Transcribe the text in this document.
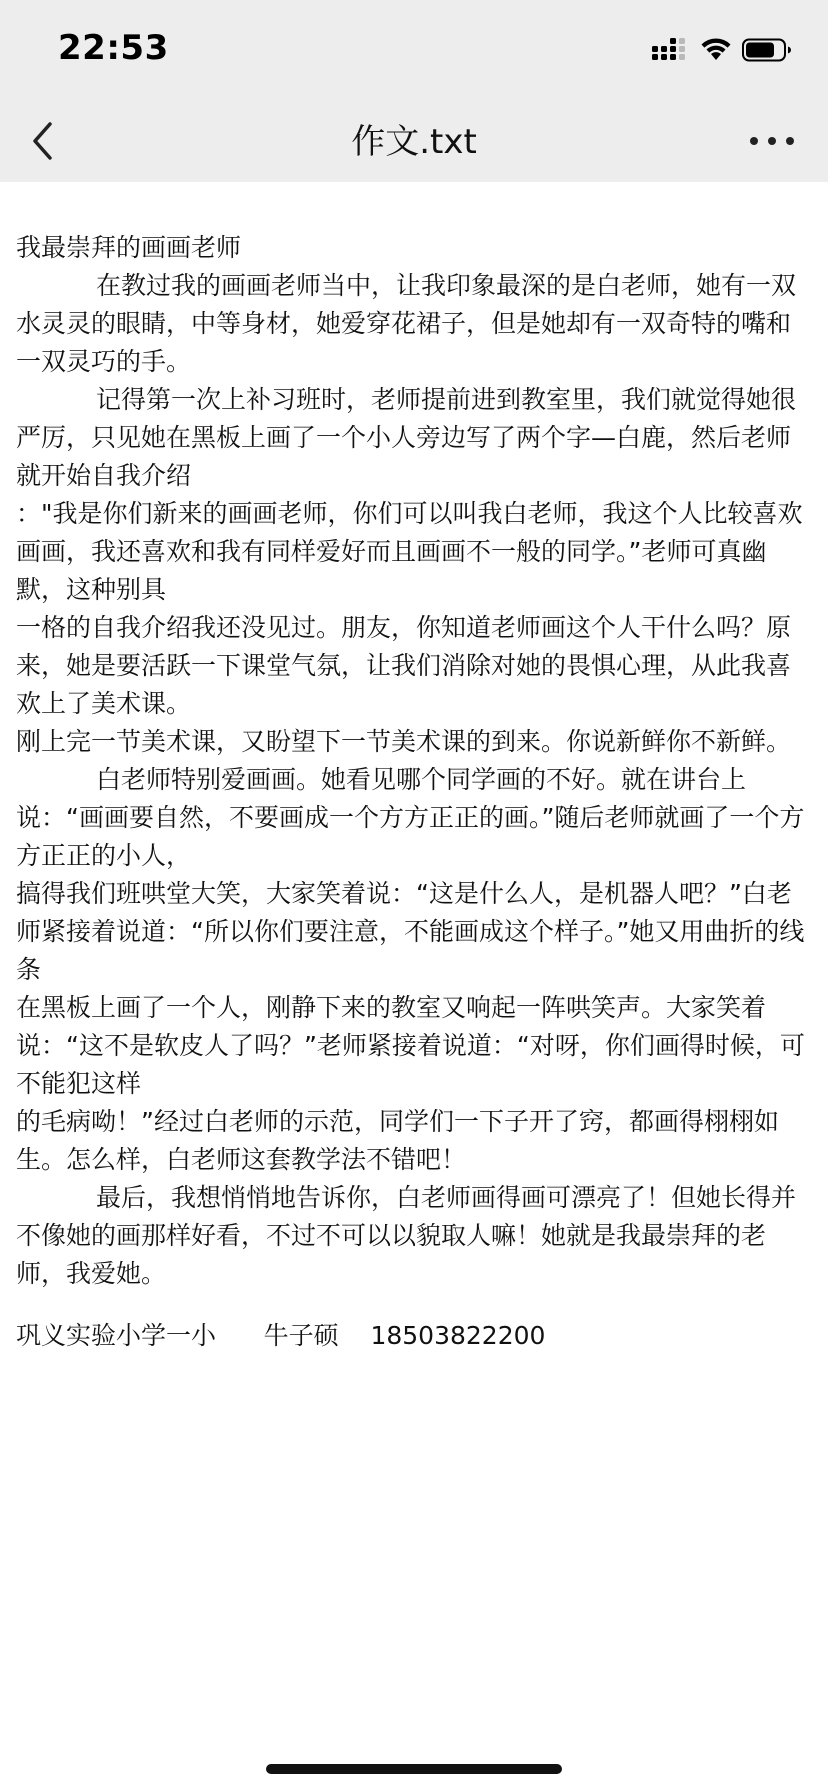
22:53
作文.txt

我最崇拜的画画老师

在教过我的画画老师当中，让我印象最深的是白老师，她有一双水灵灵的眼睛，中等身材，她爱穿花裙子，但是她却有一双奇特的嘴和一双灵巧的手。

记得第一次上补习班时，老师提前进到教室里，我们就觉得她很严厉，只见她在黑板上画了一个小人旁边写了两个字—白鹿，然后老师就开始自我介绍

："我是你们新来的画画老师，你们可以叫我白老师，我这个人比较喜欢画画，我还喜欢和我有同样爱好而且画画不一般的同学。”老师可真幽默，这种别具

一格的自我介绍我还没见过。朋友，你知道老师画这个人干什么吗？原来，她是要活跃一下课堂气氛，让我们消除对她的畏惧心理，从此我喜欢上了美术课。

刚上完一节美术课，又盼望下一节美术课的到来。你说新鲜你不新鲜。

白老师特别爱画画。她看见哪个同学画的不好。就在讲台上说：“画画要自然，不要画成一个方方正正的画。”随后老师就画了一个方方正正的小人，

搞得我们班哄堂大笑，大家笑着说：“这是什么人，是机器人吧？”白老师紧接着说道：“所以你们要注意，不能画成这个样子。”她又用曲折的线条

在黑板上画了一个人，刚静下来的教室又响起一阵哄笑声。大家笑着说：“这不是软皮人了吗？”老师紧接着说道：“对呀，你们画得时候，可不能犯这样

的毛病呦！”经过白老师的示范，同学们一下子开了窍，都画得栩栩如生。怎么样，白老师这套教学法不错吧！

最后，我想悄悄地告诉你，白老师画得画可漂亮了！但她长得并不像她的画那样好看，不过不可以以貌取人嘛！她就是我最崇拜的老师，我爱她。

巩义实验小学一小      牛子硕    18503822200
